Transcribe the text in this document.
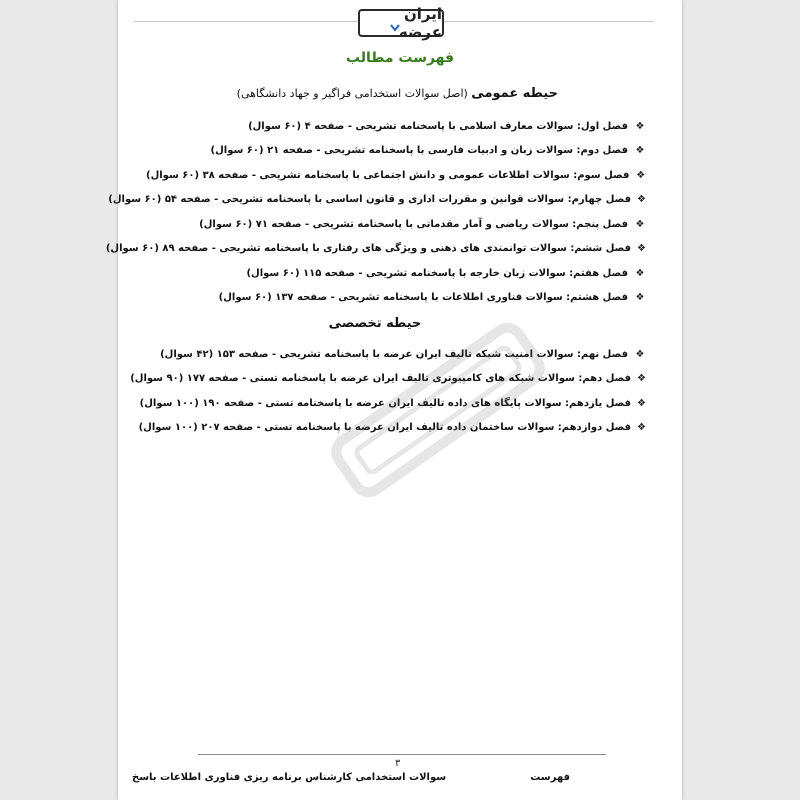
ایران عرضه
فهرست مطالب
حیطه عمومی (اصل سوالات استخدامی فراگیر و جهاد دانشگاهی)
❖
فصل اول: سوالات معارف اسلامی با پاسخنامه تشریحی - صفحه ۴ (۶۰ سوال)
❖
فصل دوم: سوالات زبان و ادبیات فارسی با پاسخنامه تشریحی - صفحه ۲۱ (۶۰ سوال)
❖
فصل سوم: سوالات اطلاعات عمومی و دانش اجتماعی با پاسخنامه تشریحی - صفحه ۳۸ (۶۰ سوال)
❖
فصل چهارم: سوالات قوانین و مقررات اداری و قانون اساسی با پاسخنامه تشریحی - صفحه ۵۴ (۶۰ سوال)
❖
فصل پنجم: سوالات ریاضی و آمار مقدماتی با پاسخنامه تشریحی - صفحه ۷۱ (۶۰ سوال)
❖
فصل ششم: سوالات توانمندی های ذهنی و ویژگی های رفتاری با پاسخنامه تشریحی - صفحه ۸۹ (۶۰ سوال)
❖
فصل هفتم: سوالات زبان خارجه با پاسخنامه تشریحی - صفحه ۱۱۵ (۶۰ سوال)
❖
فصل هشتم: سوالات فناوری اطلاعات با پاسخنامه تشریحی - صفحه ۱۳۷ (۶۰ سوال)
حیطه تخصصی
❖
فصل نهم: سوالات امنیت شبکه تالیف ایران عرضه با پاسخنامه تشریحی - صفحه ۱۵۳ (۴۲ سوال)
❖
فصل دهم: سوالات شبکه های کامپیوتری تالیف ایران عرضه با پاسخنامه تستی - صفحه ۱۷۷ (۹۰ سوال)
❖
فصل یازدهم: سوالات پایگاه های داده تالیف ایران عرضه با پاسخنامه تستی - صفحه ۱۹۰ (۱۰۰ سوال)
❖
فصل دوازدهم: سوالات ساختمان داده تالیف ایران عرضه با پاسخنامه تستی - صفحه ۲۰۷ (۱۰۰ سوال)
۳
سوالات استخدامی کارشناس برنامه ریزی فناوری اطلاعات باسخ	فهرست
